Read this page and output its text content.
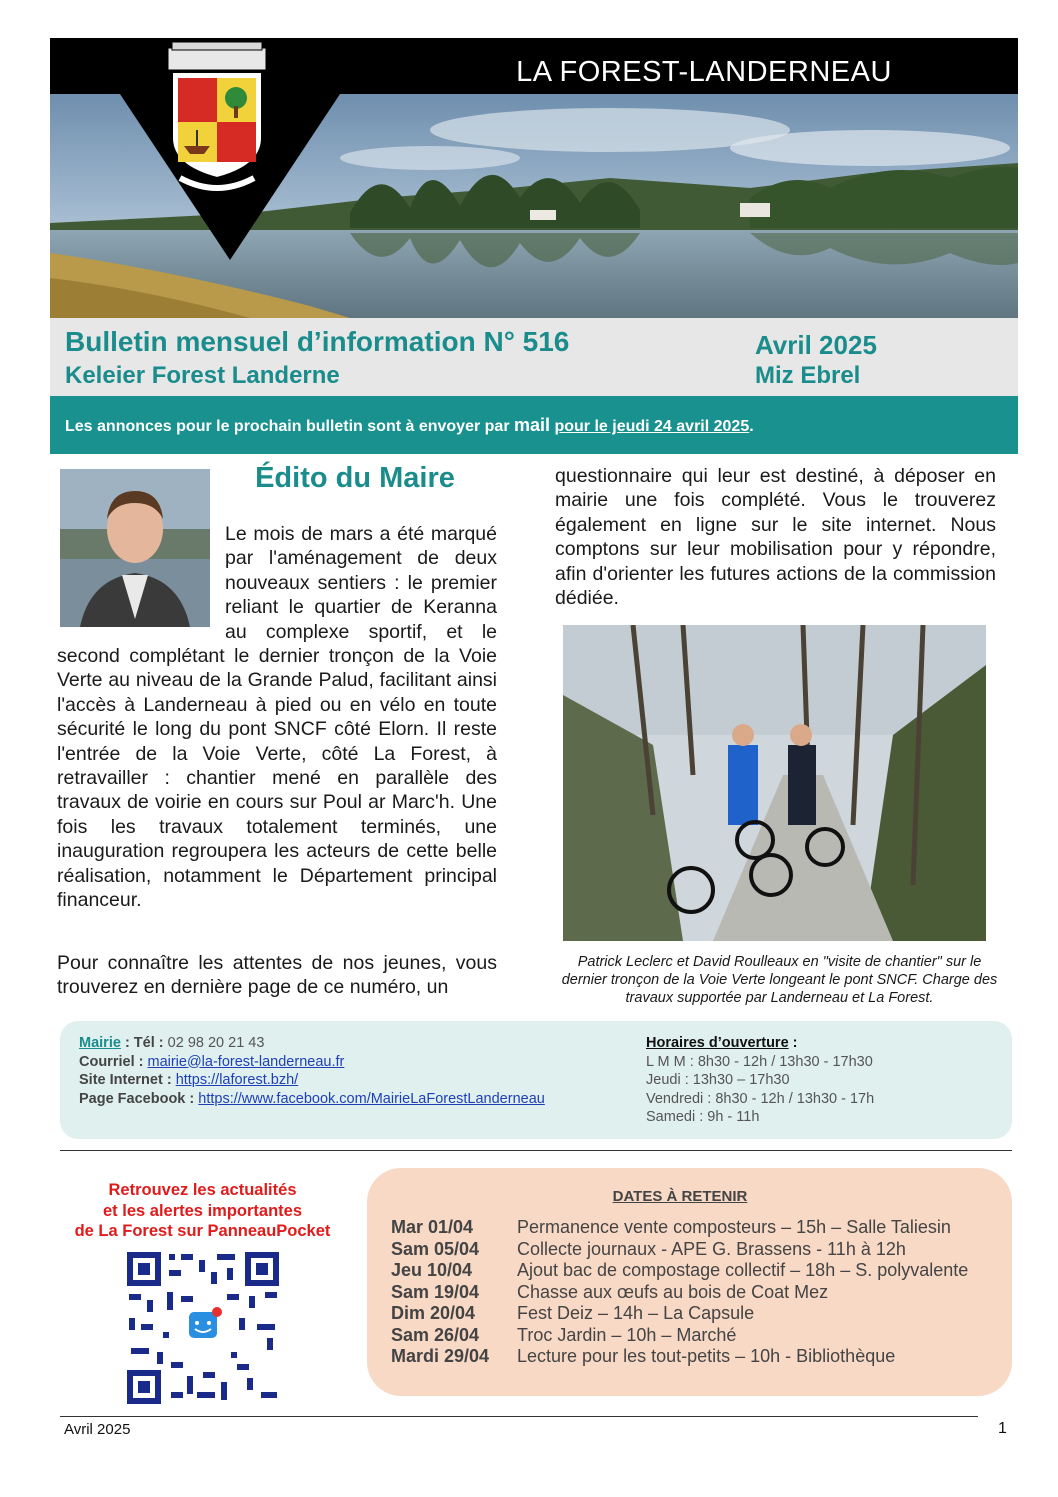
LA FOREST-LANDERNEAU
Bulletin mensuel d’information N° 516
Keleier Forest Landerne
Avril 2025
Miz Ebrel
Les annonces pour le prochain bulletin sont à envoyer par mail pour le jeudi 24 avril 2025.
Édito du Maire
Le mois de mars a été marqué par l'aménagement de deux nouveaux sentiers : le premier reliant le quartier de Keranna au complexe sportif, et le second complétant le dernier tronçon de la Voie Verte au niveau de la Grande Palud, facilitant ainsi l'accès à Landerneau à pied ou en vélo en toute sécurité le long du pont SNCF côté Elorn. Il reste l'entrée de la Voie Verte, côté La Forest, à retravailler : chantier mené en parallèle des travaux de voirie en cours sur Poul ar Marc'h. Une fois les travaux totalement terminés, une inauguration regroupera les acteurs de cette belle réalisation, notamment le Département principal financeur.
Pour connaître les attentes de nos jeunes, vous trouverez en dernière page de ce numéro, un
questionnaire qui leur est destiné, à déposer en mairie une fois complété. Vous le trouverez également en ligne sur le site internet. Nous comptons sur leur mobilisation pour y répondre, afin d'orienter les futures actions de la commission dédiée.
Patrick Leclerc et David Roulleaux en "visite de chantier" sur le dernier tronçon de la Voie Verte longeant le pont SNCF. Charge des travaux supportée par Landerneau et La Forest.
Mairie : Tél : 02 98 20 21 43
Courriel : mairie@la-forest-landerneau.fr
Site Internet : https://laforest.bzh/
Page Facebook : https://www.facebook.com/MairieLaForestLanderneau
Horaires d’ouverture :
L M M : 8h30 - 12h / 13h30 - 17h30
Jeudi : 13h30 – 17h30
Vendredi : 8h30 - 12h / 13h30 - 17h
Samedi : 9h - 11h
Retrouvez les actualités
et les alertes importantes
de La Forest sur PanneauPocket
DATES À RETENIR
Mar 01/04	Permanence vente composteurs – 15h – Salle Taliesin
Sam 05/04	Collecte journaux - APE G. Brassens - 11h à 12h
Jeu 10/04	Ajout bac de compostage collectif – 18h – S. polyvalente
Sam 19/04	Chasse aux œufs au bois de Coat Mez
Dim 20/04	Fest Deiz – 14h – La Capsule
Sam 26/04	Troc Jardin – 10h – Marché
Mardi 29/04	Lecture pour les tout-petits – 10h - Bibliothèque
Avril 2025	1
